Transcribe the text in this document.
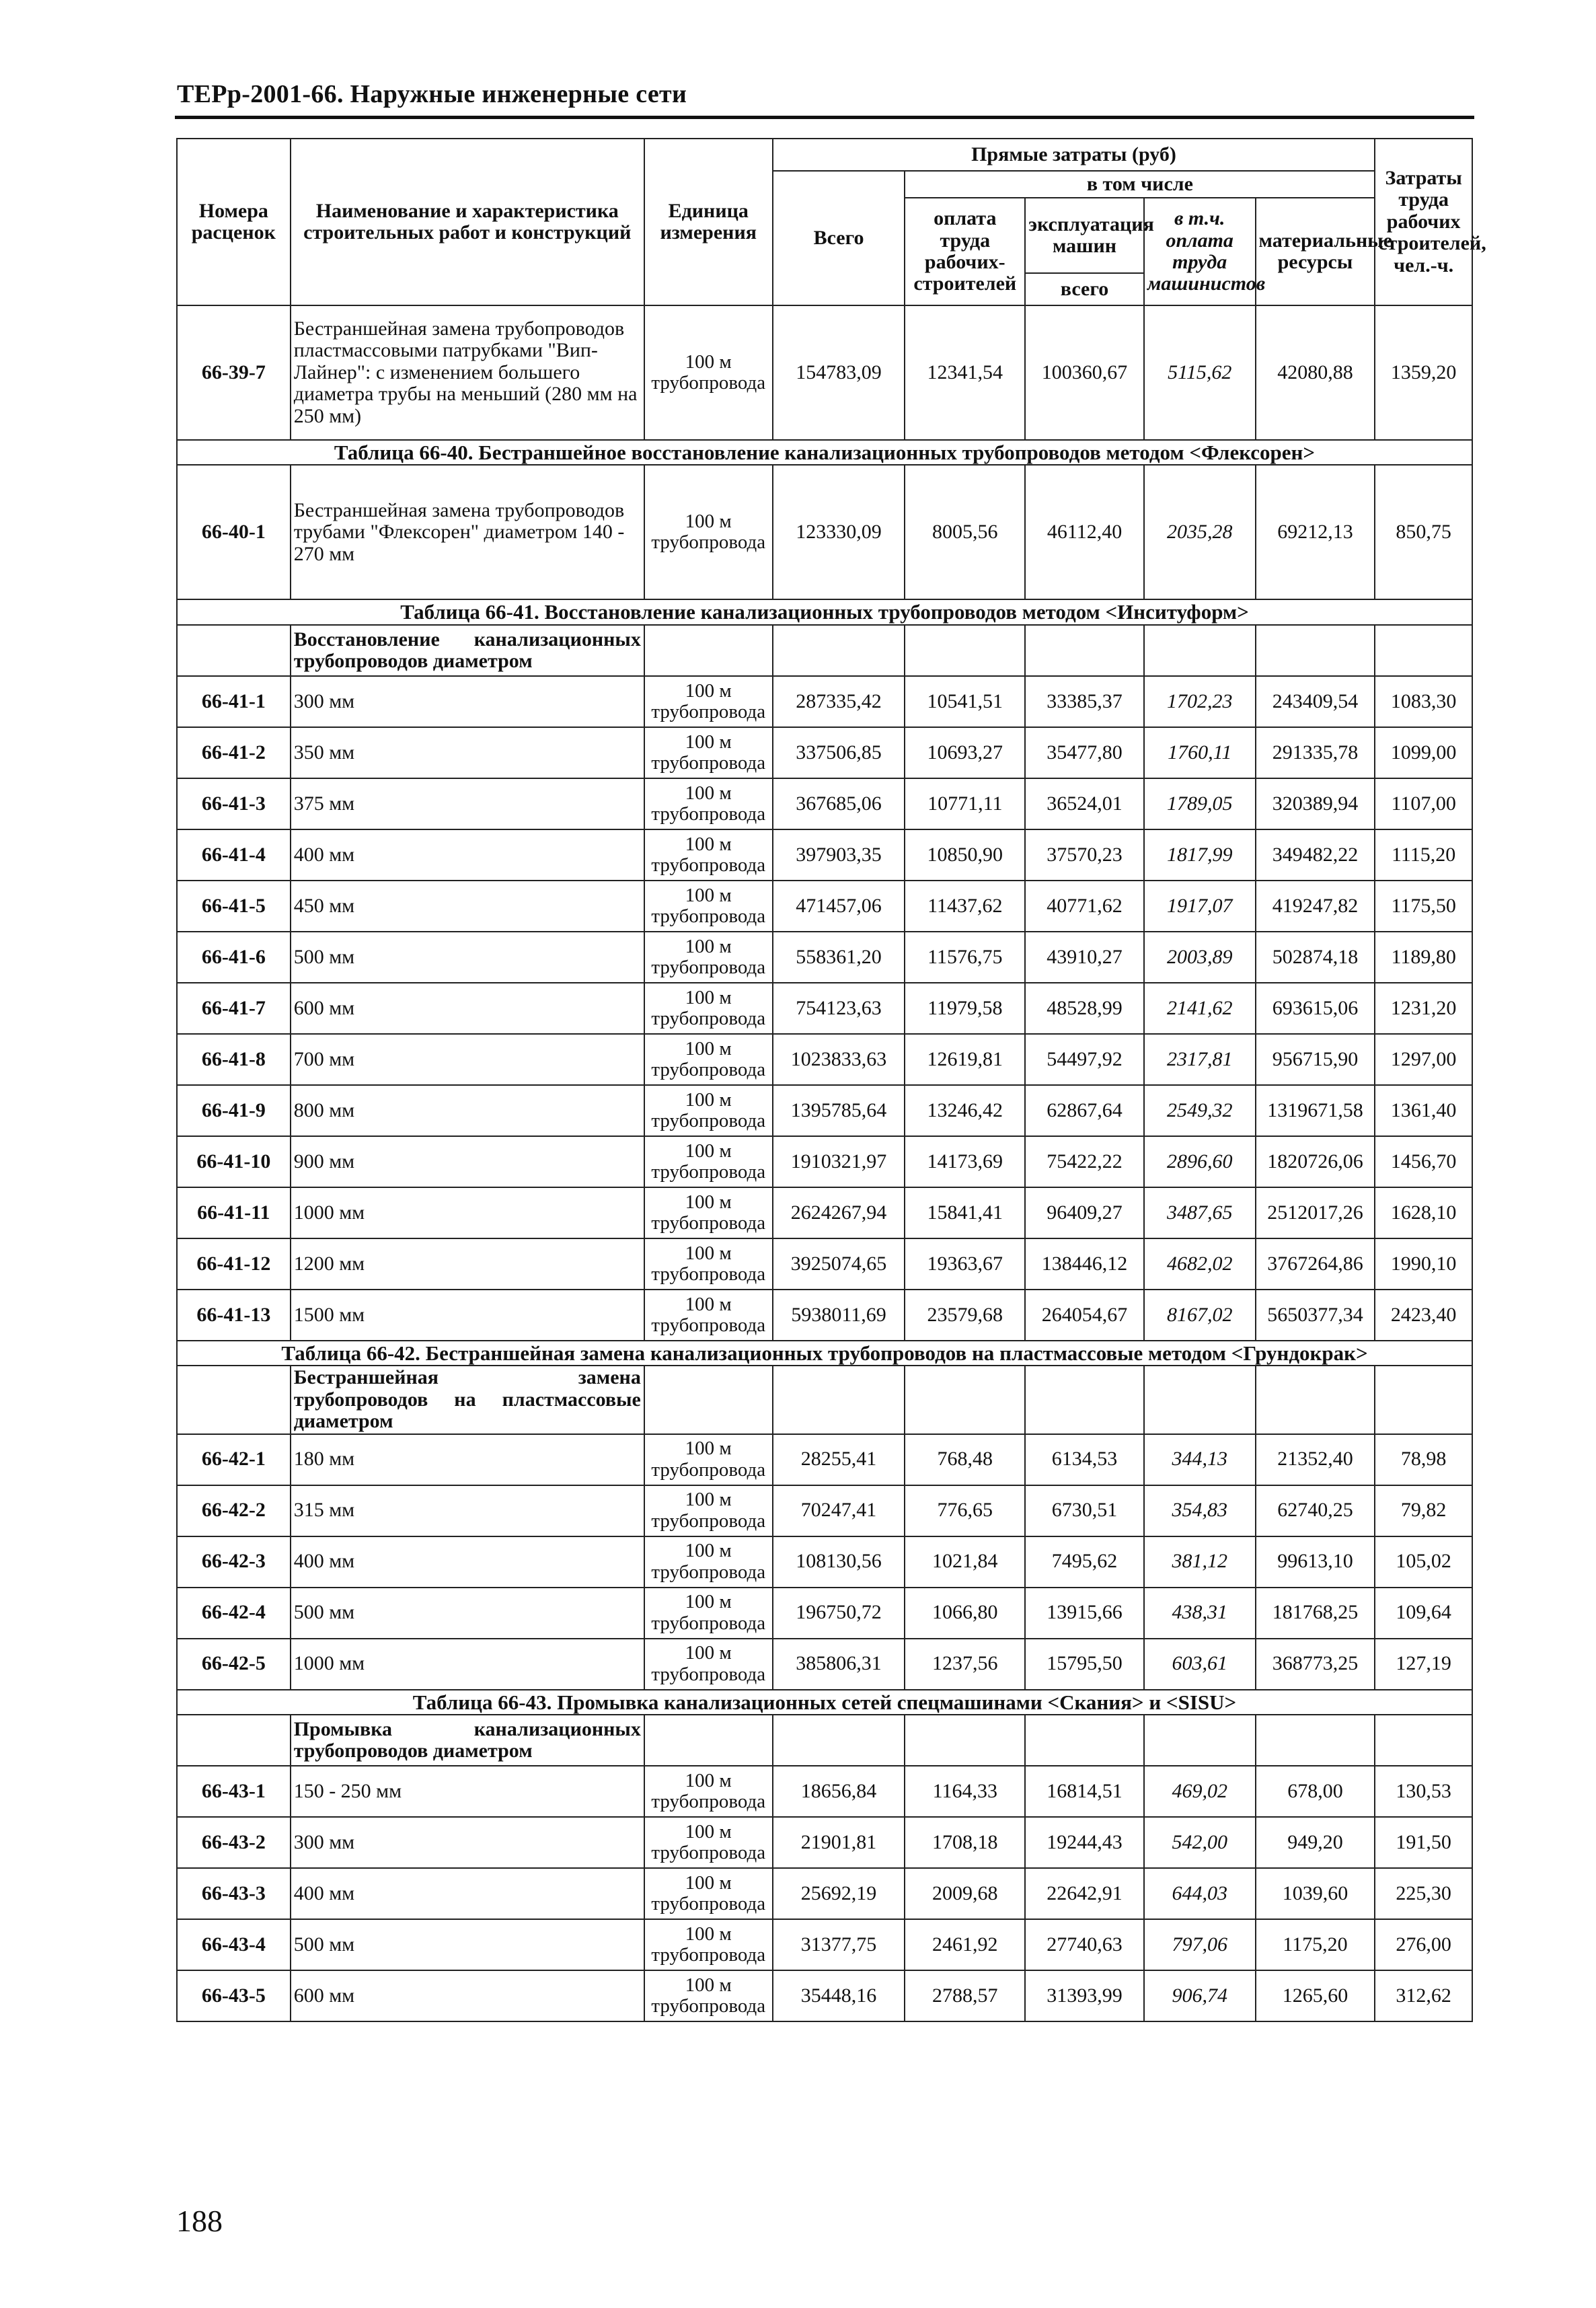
ТЕРр-2001-66. Наружные инженерные сети
Номера расценок	Наименование и характеристика строительных работ и конструкций	Единица измерения	Прямые затраты (руб)					Затраты труда рабочих строителей, чел.-ч.
			Всего	в том числе				
				оплата труда рабочих-строителей	эксплуатация машин	в т.ч. оплата труда машинистов	материальные ресурсы	
					всего			
66-39-7	Бестраншейная замена трубопроводов пластмассовыми патрубками "Вип-Лайнер": с изменением большего диаметра трубы на меньший (280 мм на 250 мм)	100 м трубопровода	154783,09	12341,54	100360,67	5115,62	42080,88	1359,20
Таблица 66-40. Бестраншейное восстановление канализационных трубопроводов методом <Флексорен>								
66-40-1	Бестраншейная замена трубопроводов трубами "Флексорен" диаметром 140 - 270 мм	100 м трубопровода	123330,09	8005,56	46112,40	2035,28	69212,13	850,75
Таблица 66-41. Восстановление канализационных трубопроводов методом <Инситуформ>								
	Восстановление канализационных трубопроводов диаметром							
66-41-1	300 мм	100 м трубопровода	287335,42	10541,51	33385,37	1702,23	243409,54	1083,30
66-41-2	350 мм	100 м трубопровода	337506,85	10693,27	35477,80	1760,11	291335,78	1099,00
66-41-3	375 мм	100 м трубопровода	367685,06	10771,11	36524,01	1789,05	320389,94	1107,00
66-41-4	400 мм	100 м трубопровода	397903,35	10850,90	37570,23	1817,99	349482,22	1115,20
66-41-5	450 мм	100 м трубопровода	471457,06	11437,62	40771,62	1917,07	419247,82	1175,50
66-41-6	500 мм	100 м трубопровода	558361,20	11576,75	43910,27	2003,89	502874,18	1189,80
66-41-7	600 мм	100 м трубопровода	754123,63	11979,58	48528,99	2141,62	693615,06	1231,20
66-41-8	700 мм	100 м трубопровода	1023833,63	12619,81	54497,92	2317,81	956715,90	1297,00
66-41-9	800 мм	100 м трубопровода	1395785,64	13246,42	62867,64	2549,32	1319671,58	1361,40
66-41-10	900 мм	100 м трубопровода	1910321,97	14173,69	75422,22	2896,60	1820726,06	1456,70
66-41-11	1000 мм	100 м трубопровода	2624267,94	15841,41	96409,27	3487,65	2512017,26	1628,10
66-41-12	1200 мм	100 м трубопровода	3925074,65	19363,67	138446,12	4682,02	3767264,86	1990,10
66-41-13	1500 мм	100 м трубопровода	5938011,69	23579,68	264054,67	8167,02	5650377,34	2423,40
Таблица 66-42. Бестраншейная замена канализационных трубопроводов на пластмассовые методом <Грундокрак>								
	Бестраншейная замена трубопроводов на пластмассовые диаметром							
66-42-1	180 мм	100 м трубопровода	28255,41	768,48	6134,53	344,13	21352,40	78,98
66-42-2	315 мм	100 м трубопровода	70247,41	776,65	6730,51	354,83	62740,25	79,82
66-42-3	400 мм	100 м трубопровода	108130,56	1021,84	7495,62	381,12	99613,10	105,02
66-42-4	500 мм	100 м трубопровода	196750,72	1066,80	13915,66	438,31	181768,25	109,64
66-42-5	1000 мм	100 м трубопровода	385806,31	1237,56	15795,50	603,61	368773,25	127,19
Таблица 66-43. Промывка канализационных сетей спецмашинами <Скания> и <SISU>								
	Промывка канализационных трубопроводов диаметром							
66-43-1	150 - 250 мм	100 м трубопровода	18656,84	1164,33	16814,51	469,02	678,00	130,53
66-43-2	300 мм	100 м трубопровода	21901,81	1708,18	19244,43	542,00	949,20	191,50
66-43-3	400 мм	100 м трубопровода	25692,19	2009,68	22642,91	644,03	1039,60	225,30
66-43-4	500 мм	100 м трубопровода	31377,75	2461,92	27740,63	797,06	1175,20	276,00
66-43-5	600 мм	100 м трубопровода	35448,16	2788,57	31393,99	906,74	1265,60	312,62
188
